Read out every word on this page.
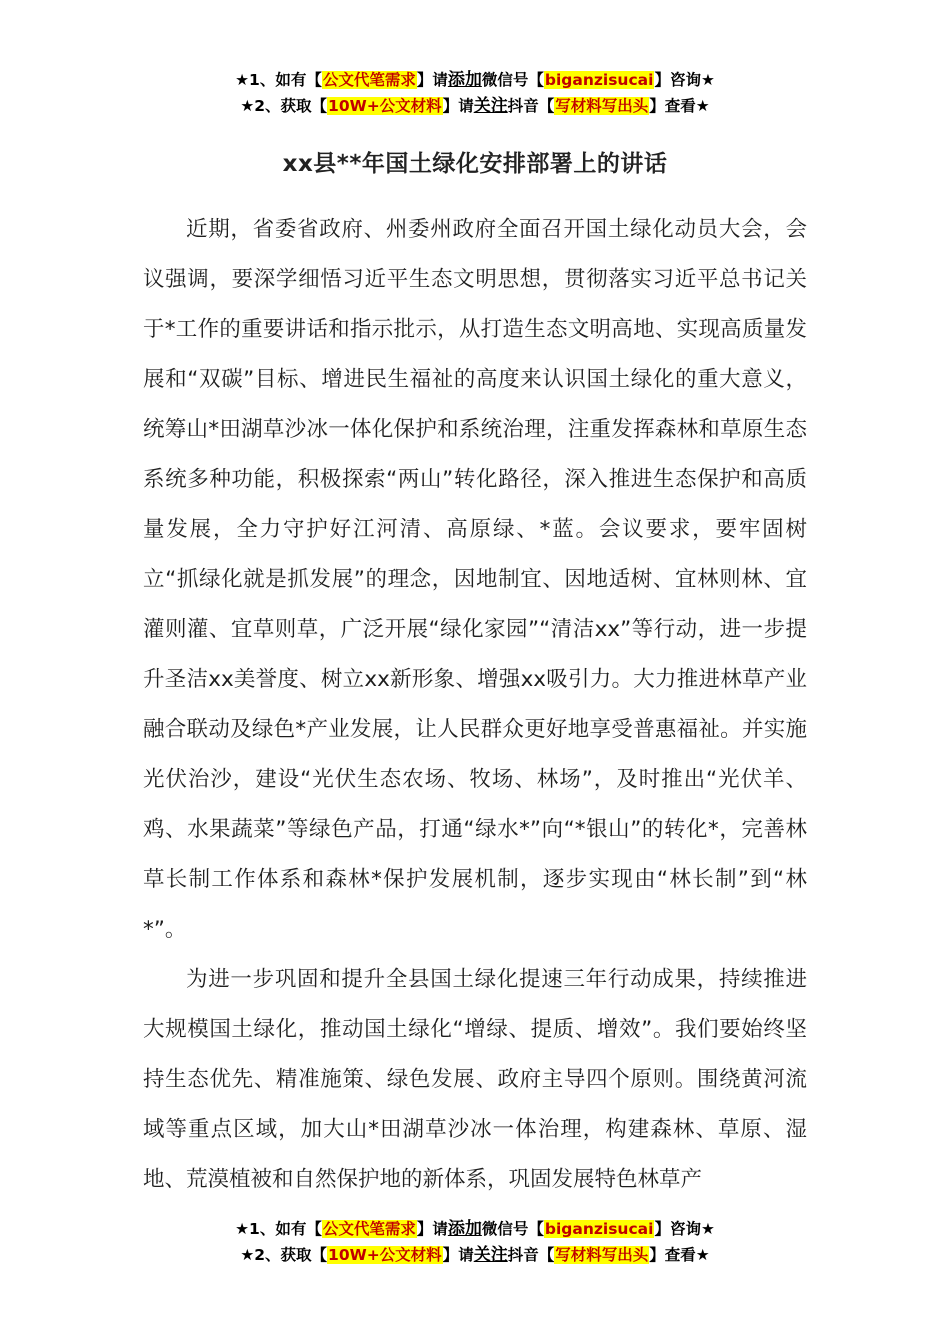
★1、如有【公文代笔需求】请添加微信号【biganzisucai】咨询★
★2、获取【10W+公文材料】请关注抖音【写材料写出头】查看★
xx县**年国土绿化安排部署上的讲话

近期，省委省政府、州委州政府全面召开国土绿化动员大会，会议强调，要深学细悟习近平生态文明思想，贯彻落实习近平总书记关于*工作的重要讲话和指示批示，从打造生态文明高地、实现高质量发展和“双碳”目标、增进民生福祉的高度来认识国土绿化的重大意义，统筹山*田湖草沙冰一体化保护和系统治理，注重发挥森林和草原生态系统多种功能，积极探索“两山”转化路径，深入推进生态保护和高质量发展，全力守护好江河清、高原绿、*蓝。会议要求，要牢固树立“抓绿化就是抓发展”的理念，因地制宜、因地适树、宜林则林、宜灌则灌、宜草则草，广泛开展“绿化家园”“清洁xx”等行动，进一步提升圣洁xx美誉度、树立xx新形象、增强xx吸引力。大力推进林草产业融合联动及绿色*产业发展，让人民群众更好地享受普惠福祉。并实施光伏治沙，建设“光伏生态农场、牧场、林场”，及时推出“光伏羊、鸡、水果蔬菜”等绿色产品，打通“绿水*”向“*银山”的转化*，完善林草长制工作体系和森林*保护发展机制，逐步实现由“林长制”到“林*”。

为进一步巩固和提升全县国土绿化提速三年行动成果，持续推进大规模国土绿化，推动国土绿化“增绿、提质、增效”。我们要始终坚持生态优先、精准施策、绿色发展、政府主导四个原则。围绕黄河流域等重点区域，加大山*田湖草沙冰一体治理，构建森林、草原、湿地、荒漠植被和自然保护地的新体系，巩固发展特色林草产

★1、如有【公文代笔需求】请添加微信号【biganzisucai】咨询★
★2、获取【10W+公文材料】请关注抖音【写材料写出头】查看★
